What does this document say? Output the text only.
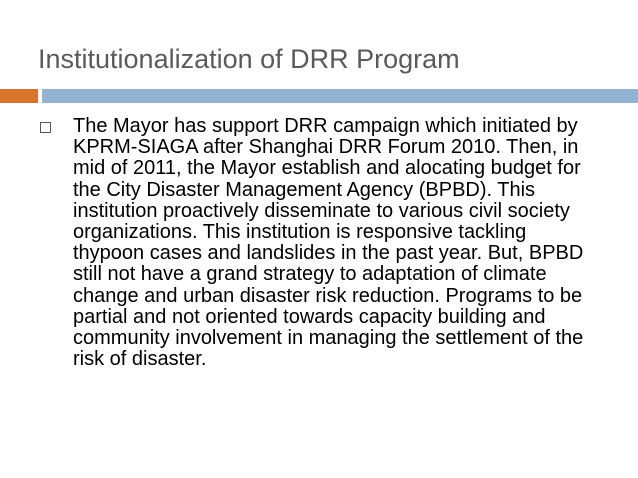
Institutionalization of DRR Program
The Mayor has support DRR campaign which initiated by KPRM-SIAGA after Shanghai DRR Forum 2010. Then, in mid of 2011, the Mayor establish and alocating budget for the City Disaster Management Agency (BPBD). This institution proactively disseminate to various civil society organizations. This institution is responsive tackling thypoon cases and landslides in the past year. But, BPBD still not have a grand strategy to adaptation of climate change and urban disaster risk reduction. Programs to be partial and not oriented towards capacity building and community involvement in managing the settlement of the risk of disaster.
